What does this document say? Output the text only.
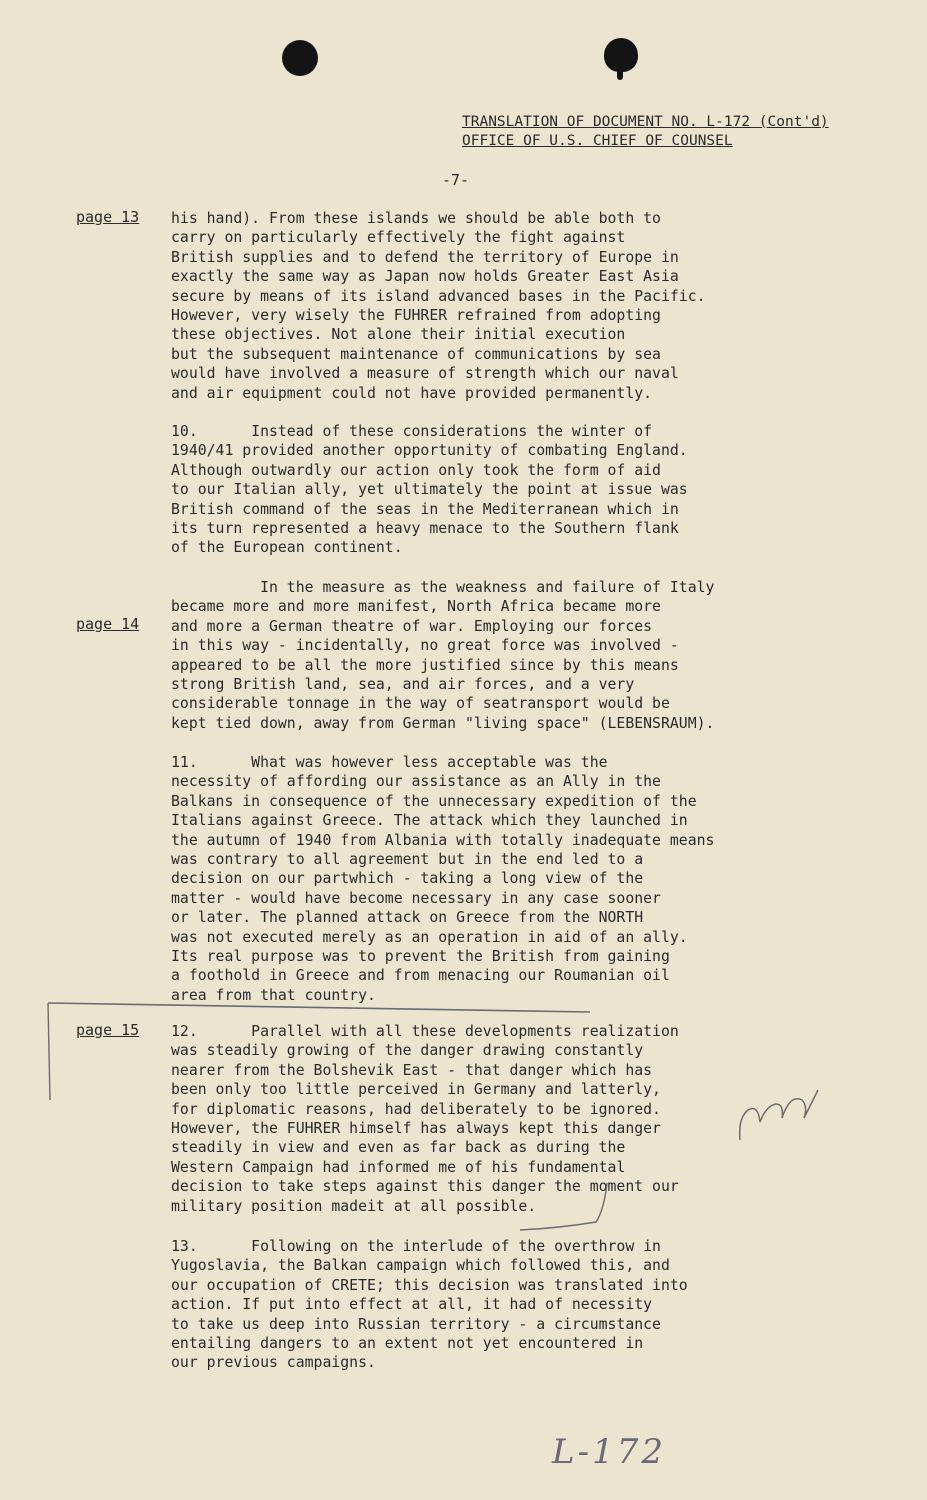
TRANSLATION OF DOCUMENT NO. L-172 (Cont'd)
OFFICE OF U.S. CHIEF OF COUNSEL
-7-
page 13
page 14
page 15
his hand). From these islands we should be able both to
carry on particularly effectively the fight against
British supplies and to defend the territory of Europe in
exactly the same way as Japan now holds Greater East Asia
secure by means of its island advanced bases in the Pacific.
However, very wisely the FUHRER refrained from adopting
these objectives. Not alone their initial execution
but the subsequent maintenance of communications by sea
would have involved a measure of strength which our naval
and air equipment could not have provided permanently.
10.      Instead of these considerations the winter of
1940/41 provided another opportunity of combating England.
Although outwardly our action only took the form of aid
to our Italian ally, yet ultimately the point at issue was
British command of the seas in the Mediterranean which in
its turn represented a heavy menace to the Southern flank
of the European continent.
In the measure as the weakness and failure of Italy
became more and more manifest, North Africa became more
and more a German theatre of war. Employing our forces
in this way - incidentally, no great force was involved -
appeared to be all the more justified since by this means
strong British land, sea, and air forces, and a very
considerable tonnage in the way of seatransport would be
kept tied down, away from German "living space" (LEBENSRAUM).
11.      What was however less acceptable was the
necessity of affording our assistance as an Ally in the
Balkans in consequence of the unnecessary expedition of the
Italians against Greece. The attack which they launched in
the autumn of 1940 from Albania with totally inadequate means
was contrary to all agreement but in the end led to a
decision on our partwhich - taking a long view of the
matter - would have become necessary in any case sooner
or later. The planned attack on Greece from the NORTH
was not executed merely as an operation in aid of an ally.
Its real purpose was to prevent the British from gaining
a foothold in Greece and from menacing our Roumanian oil
area from that country.
12.      Parallel with all these developments realization
was steadily growing of the danger drawing constantly
nearer from the Bolshevik East - that danger which has
been only too little perceived in Germany and latterly,
for diplomatic reasons, had deliberately to be ignored.
However, the FUHRER himself has always kept this danger
steadily in view and even as far back as during the
Western Campaign had informed me of his fundamental
decision to take steps against this danger the moment our
military position madeit at all possible.
13.      Following on the interlude of the overthrow in
Yugoslavia, the Balkan campaign which followed this, and
our occupation of CRETE; this decision was translated into
action. If put into effect at all, it had of necessity
to take us deep into Russian territory - a circumstance
entailing dangers to an extent not yet encountered in
our previous campaigns.
L-172
